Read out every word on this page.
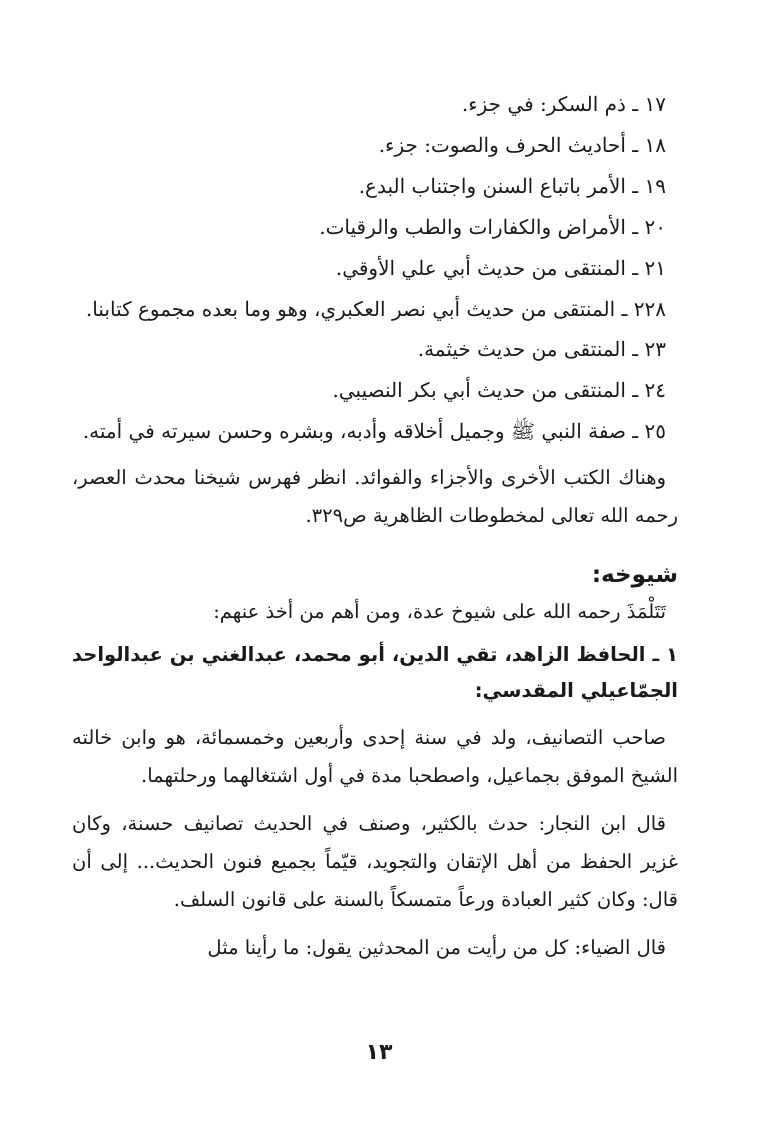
١٧ ـ ذم السكر: في جزء.

١٨ ـ أحاديث الحرف والصوت: جزء.

١٩ ـ الأمر باتباع السنن واجتناب البدع.

٢٠ ـ الأمراض والكفارات والطب والرقيات.

٢١ ـ المنتقى من حديث أبي علي الأوقي.

٢٢٨ ـ المنتقى من حديث أبي نصر العكبري، وهو وما بعده مجموع كتابنا.

٢٣ ـ المنتقى من حديث خيثمة.

٢٤ ـ المنتقى من حديث أبي بكر النصيبي.

٢٥ ـ صفة النبي ﷺ وجميل أخلاقه وأدبه، وبشره وحسن سيرته في أمته.

وهناك الكتب الأخرى والأجزاء والفوائد. انظر فهرس شيخنا محدث العصر، رحمه الله تعالى لمخطوطات الظاهرية ص٣٢٩.

شيوخه:

تَتَلْمَذَ رحمه الله على شيوخ عدة، ومن أهم من أخذ عنهم:

١ ـ الحافظ الزاهد، تقي الدين، أبو محمد، عبدالغني بن عبدالواحد الجمّاعيلي المقدسي:

صاحب التصانيف، ولد في سنة إحدى وأربعين وخمسمائة، هو وابن خالته الشيخ الموفق بجماعيل، واصطحبا مدة في أول اشتغالهما ورحلتهما.

قال ابن النجار: حدث بالكثير، وصنف في الحديث تصانيف حسنة، وكان غزير الحفظ من أهل الإتقان والتجويد، قيّماً بجميع فنون الحديث... إلى أن قال: وكان كثير العبادة ورعاً متمسكاً بالسنة على قانون السلف.

قال الضياء: كل من رأيت من المحدثين يقول: ما رأينا مثل

١٣
